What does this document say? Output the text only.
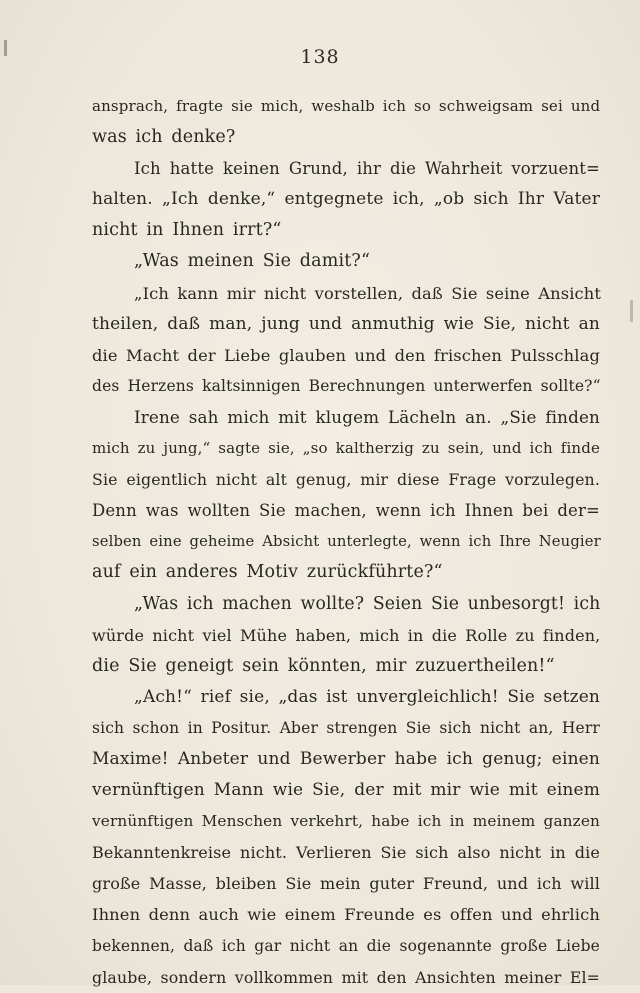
138
ansprach, fragte sie mich, weshalb ich so schweigsam sei und
was ich denke?
Ich hatte keinen Grund, ihr die Wahrheit vorzuent=
halten. „Ich denke,“ entgegnete ich, „ob sich Ihr Vater
nicht in Ihnen irrt?“
„Was meinen Sie damit?“
„Ich kann mir nicht vorstellen, daß Sie seine Ansicht
theilen, daß man, jung und anmuthig wie Sie, nicht an
die Macht der Liebe glauben und den frischen Pulsschlag
des Herzens kaltsinnigen Berechnungen unterwerfen sollte?“
Irene sah mich mit klugem Lächeln an. „Sie finden
mich zu jung,“ sagte sie, „so kaltherzig zu sein, und ich finde
Sie eigentlich nicht alt genug, mir diese Frage vorzulegen.
Denn was wollten Sie machen, wenn ich Ihnen bei der=
selben eine geheime Absicht unterlegte, wenn ich Ihre Neugier
auf ein anderes Motiv zurückführte?“
„Was ich machen wollte? Seien Sie unbesorgt! ich
würde nicht viel Mühe haben, mich in die Rolle zu finden,
die Sie geneigt sein könnten, mir zuzuertheilen!“
„Ach!“ rief sie, „das ist unvergleichlich! Sie setzen
sich schon in Positur. Aber strengen Sie sich nicht an, Herr
Maxime! Anbeter und Bewerber habe ich genug; einen
vernünftigen Mann wie Sie, der mit mir wie mit einem
vernünftigen Menschen verkehrt, habe ich in meinem ganzen
Bekanntenkreise nicht. Verlieren Sie sich also nicht in die
große Masse, bleiben Sie mein guter Freund, und ich will
Ihnen denn auch wie einem Freunde es offen und ehrlich
bekennen, daß ich gar nicht an die sogenannte große Liebe
glaube, sondern vollkommen mit den Ansichten meiner El=
